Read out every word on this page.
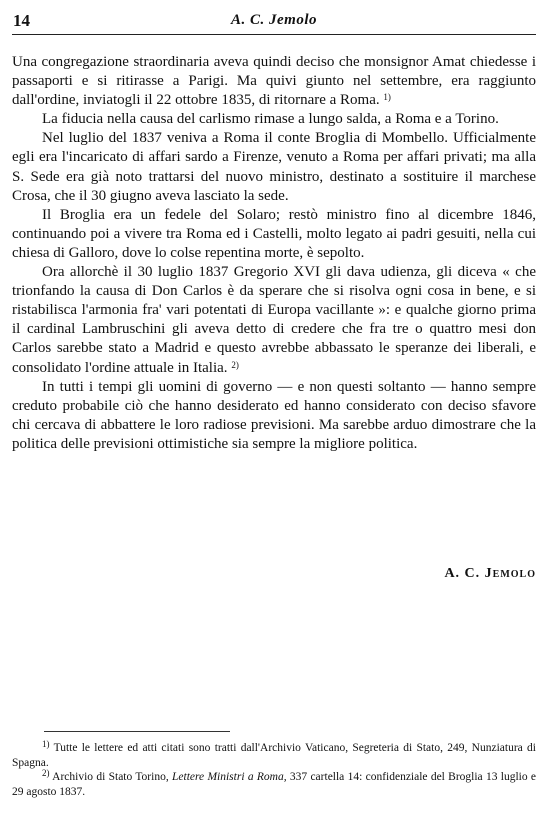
14	A. C. Jemolo

Una congregazione straordinaria aveva quindi deciso che monsignor Amat chiedesse i passaporti e si ritirasse a Parigi. Ma quivi giunto nel settembre, era raggiunto dall'ordine, inviatogli il 22 ottobre 1835, di ritornare a Roma. $^{1)}$

La fiducia nella causa del carlismo rimase a lungo salda, a Roma e a Torino.

Nel luglio del 1837 veniva a Roma il conte Broglia di Mombello. Ufficialmente egli era l'incaricato di affari sardo a Firenze, venuto a Roma per affari privati; ma alla S. Sede era già noto trattarsi del nuovo ministro, destinato a sostituire il marchese Crosa, che il 30 giugno aveva lasciato la sede.

Il Broglia era un fedele del Solaro; restò ministro fino al dicembre 1846, continuando poi a vivere tra Roma ed i Castelli, molto legato ai padri gesuiti, nella cui chiesa di Galloro, dove lo colse repentina morte, è sepolto.

Ora allorchè il 30 luglio 1837 Gregorio XVI gli dava udienza, gli diceva « che trionfando la causa di Don Carlos è da sperare che si risolva ogni cosa in bene, e si ristabilisca l'armonia fra' vari potentati di Europa vacillante »: e qualche giorno prima il cardinal Lambruschini gli aveva detto di credere che fra tre o quattro mesi don Carlos sarebbe stato a Madrid e questo avrebbe abbassato le speranze dei liberali, e consolidato l'ordine attuale in Italia. $^{2)}$

In tutti i tempi gli uomini di governo — e non questi soltanto — hanno sempre creduto probabile ciò che hanno desiderato ed hanno considerato con deciso sfavore chi cercava di abbattere le loro radiose previsioni. Ma sarebbe arduo dimostrare che la politica delle previsioni ottimistiche sia sempre la migliore politica.

A. C. Jemolo

$^{1)}$ Tutte le lettere ed atti citati sono tratti dall'Archivio Vaticano, Segreteria di Stato, 249, Nunziatura di Spagna.

$^{2)}$ Archivio di Stato Torino, Lettere Ministri a Roma, 337 cartella 14: confidenziale del Broglia 13 luglio e 29 agosto 1837.
